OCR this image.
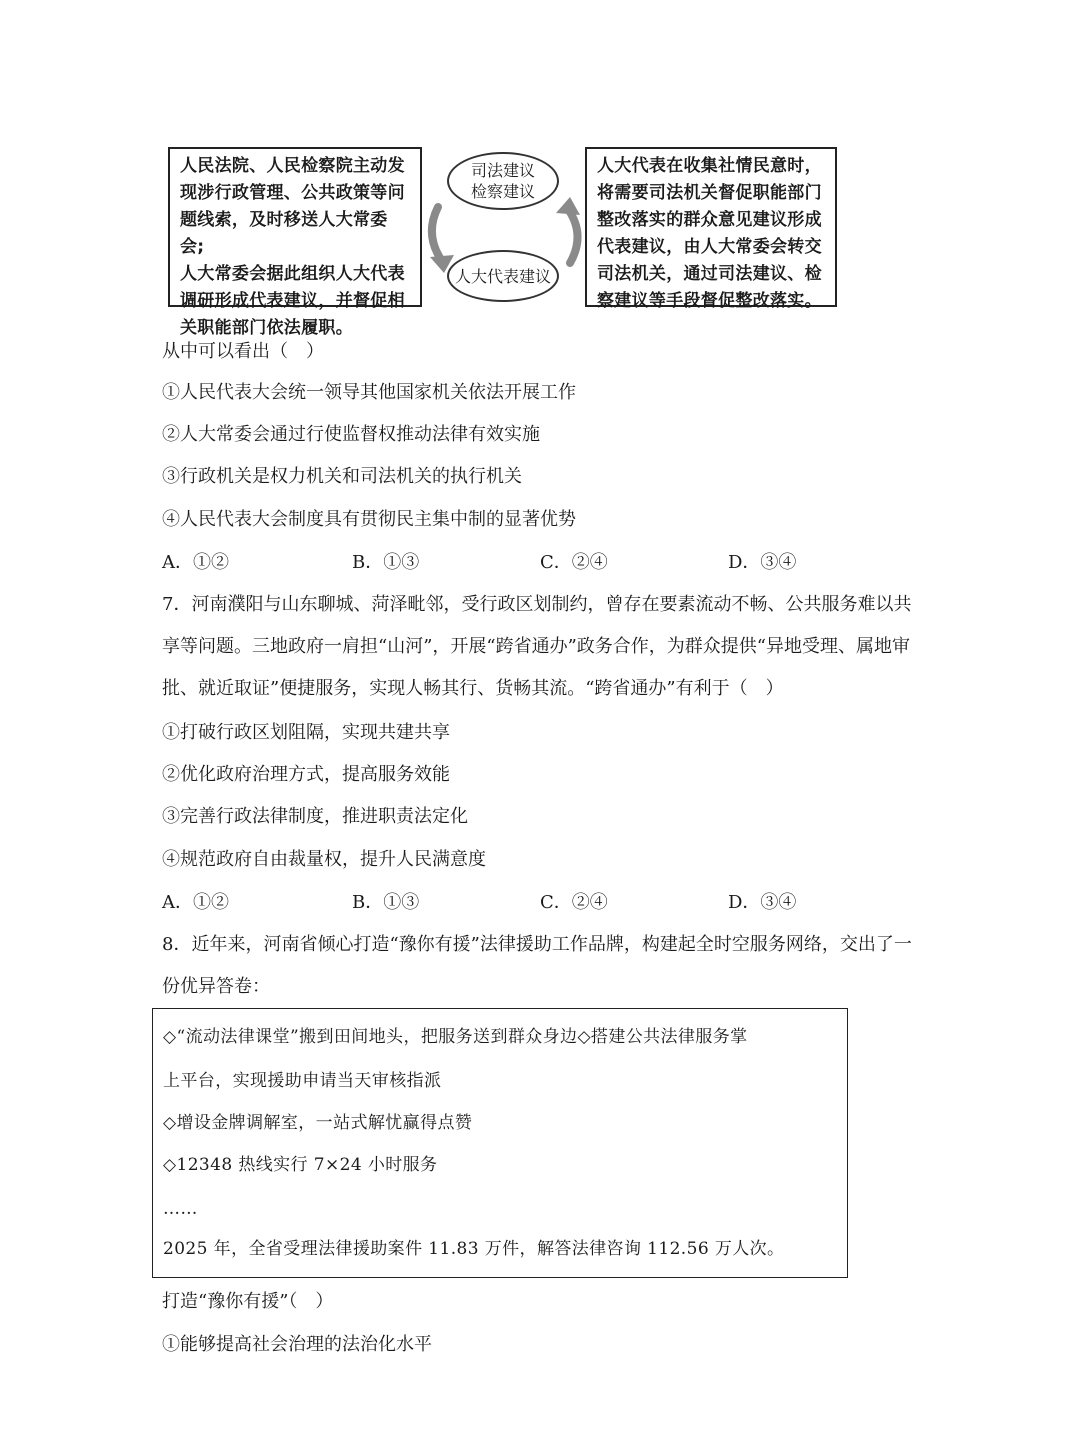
人民法院、人民检察院主动发
现涉行政管理、公共政策等问
题线索，及时移送人大常委会;
人大常委会据此组织人大代表
调研形成代表建议，并督促相
关职能部门依法履职。
人大代表在收集社情民意时，
将需要司法机关督促职能部门
整改落实的群众意见建议形成
代表建议，由人大常委会转交
司法机关，通过司法建议、检
察建议等手段督促整改落实。
司法建议
检察建议
人大代表建议
从中可以看出（　）
①人民代表大会统一领导其他国家机关依法开展工作
②人大常委会通过行使监督权推动法律有效实施
③行政机关是权力机关和司法机关的执行机关
④人民代表大会制度具有贯彻民主集中制的显著优势
A．①②	B．①③	C．②④	D．③④
7．河南濮阳与山东聊城、菏泽毗邻，受行政区划制约，曾存在要素流动不畅、公共服务难以共享等问题。三地政府一肩担“山河”，开展“跨省通办”政务合作，为群众提供“异地受理、属地审批、就近取证”便捷服务，实现人畅其行、货畅其流。“跨省通办”有利于（　）
①打破行政区划阻隔，实现共建共享
②优化政府治理方式，提高服务效能
③完善行政法律制度，推进职责法定化
④规范政府自由裁量权，提升人民满意度
A．①②	B．①③	C．②④	D．③④
8．近年来，河南省倾心打造“豫你有援”法律援助工作品牌，构建起全时空服务网络，交出了一份优异答卷：
◇“流动法律课堂”搬到田间地头，把服务送到群众身边◇搭建公共法律服务掌
上平台，实现援助申请当天审核指派
◇增设金牌调解室，一站式解忧赢得点赞
◇12348 热线实行 7×24 小时服务
……
2025 年，全省受理法律援助案件 11.83 万件，解答法律咨询 112.56 万人次。
打造“豫你有援”（　）
①能够提高社会治理的法治化水平
